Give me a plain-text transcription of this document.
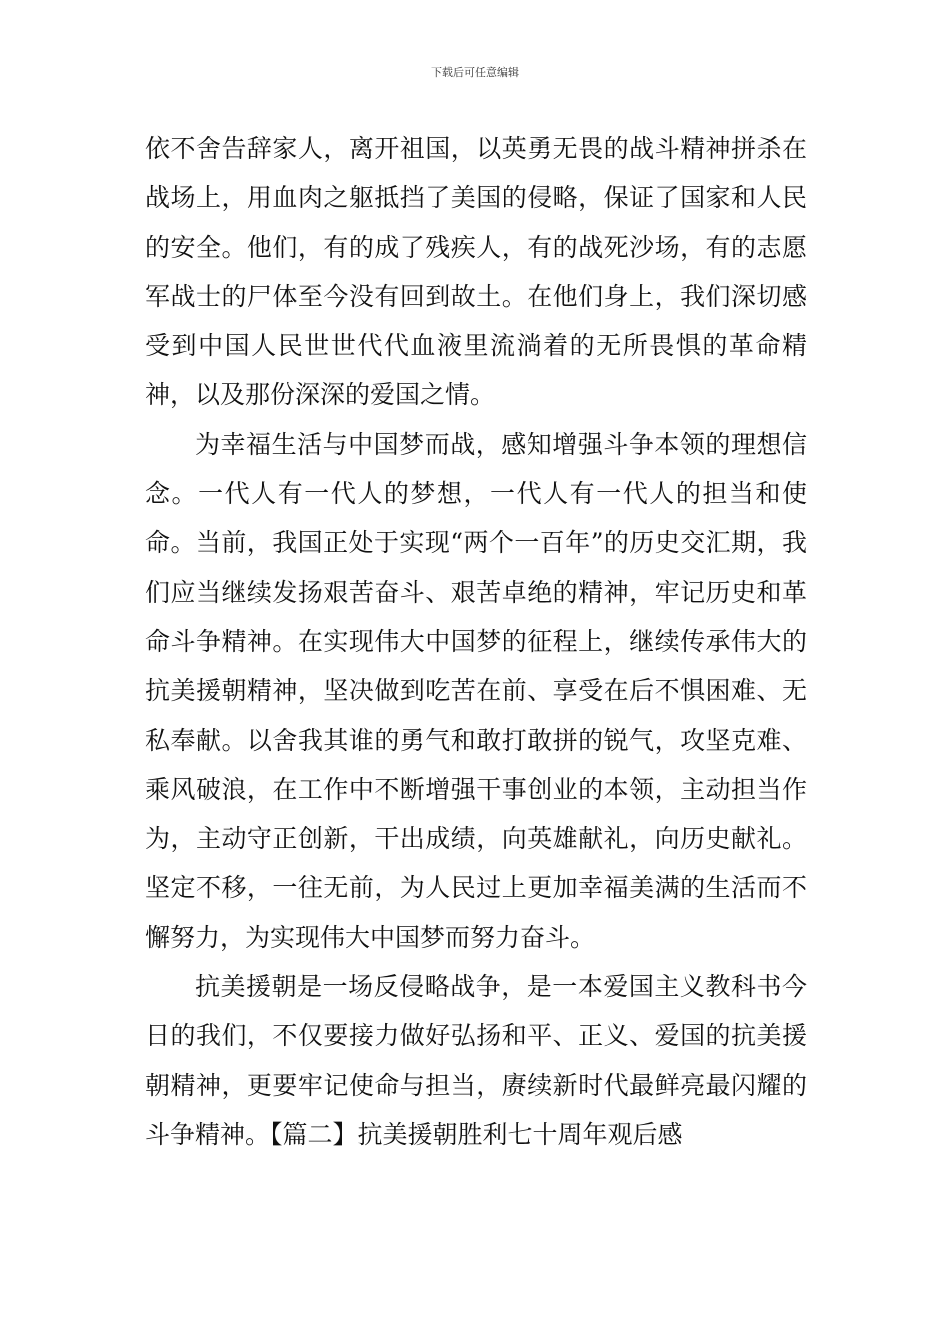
下载后可任意编辑

依不舍告辞家人，离开祖国，以英勇无畏的战斗精神拼杀在战场上，用血肉之躯抵挡了美国的侵略，保证了国家和人民的安全。他们，有的成了残疾人，有的战死沙场，有的志愿军战士的尸体至今没有回到故土。在他们身上，我们深切感受到中国人民世世代代血液里流淌着的无所畏惧的革命精神，以及那份深深的爱国之情。

为幸福生活与中国梦而战，感知增强斗争本领的理想信念。一代人有一代人的梦想，一代人有一代人的担当和使命。当前，我国正处于实现“两个一百年”的历史交汇期，我们应当继续发扬艰苦奋斗、艰苦卓绝的精神，牢记历史和革命斗争精神。在实现伟大中国梦的征程上，继续传承伟大的抗美援朝精神，坚决做到吃苦在前、享受在后不惧困难、无私奉献。以舍我其谁的勇气和敢打敢拼的锐气，攻坚克难、乘风破浪，在工作中不断增强干事创业的本领，主动担当作为，主动守正创新，干出成绩，向英雄献礼，向历史献礼。坚定不移，一往无前，为人民过上更加幸福美满的生活而不懈努力，为实现伟大中国梦而努力奋斗。

抗美援朝是一场反侵略战争，是一本爱国主义教科书今日的我们，不仅要接力做好弘扬和平、正义、爱国的抗美援朝精神，更要牢记使命与担当，赓续新时代最鲜亮最闪耀的斗争精神。【篇二】抗美援朝胜利七十周年观后感
